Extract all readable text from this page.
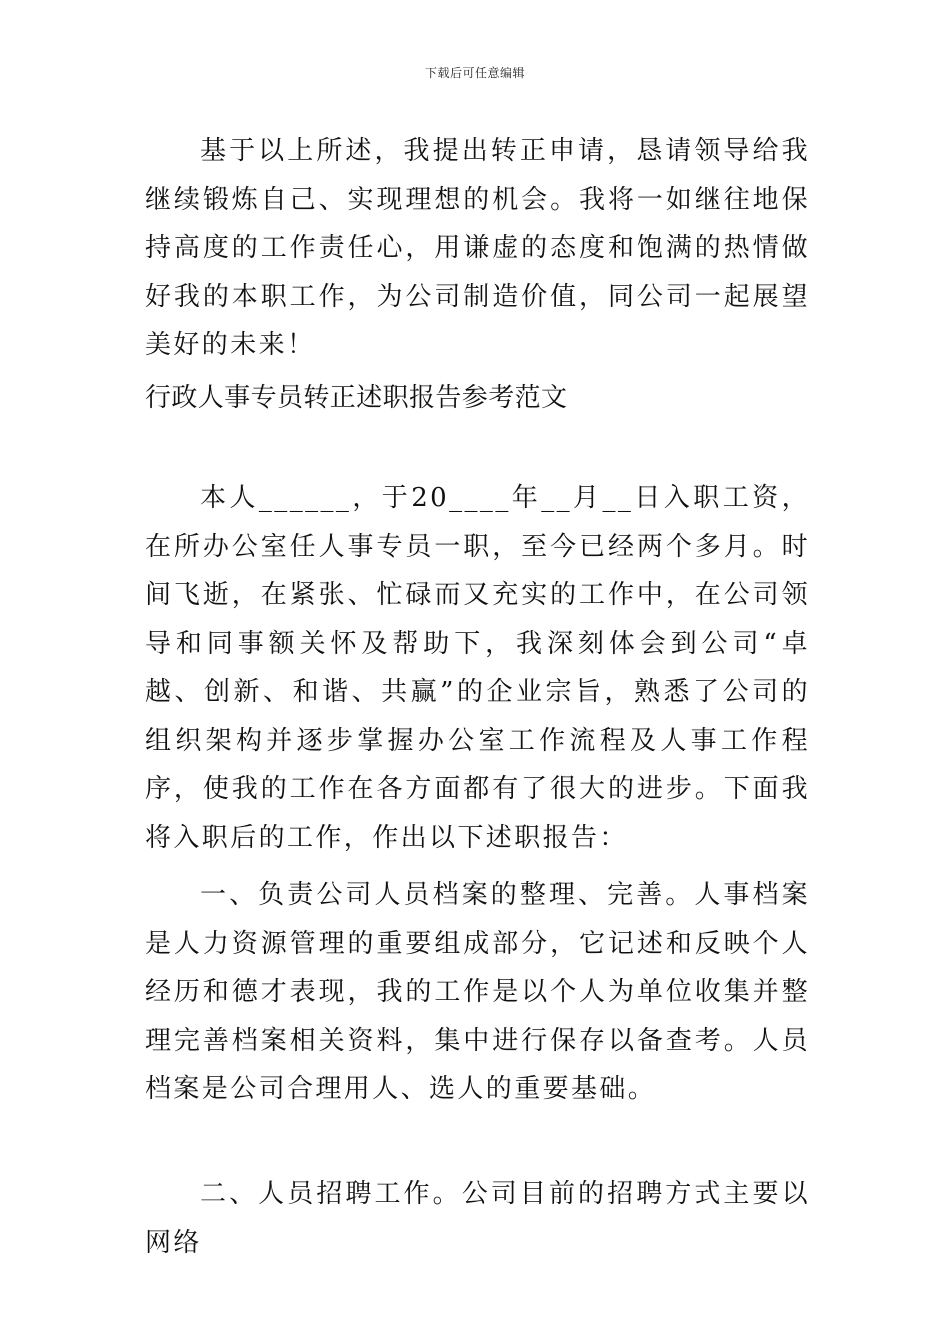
下载后可任意编辑

基于以上所述，我提出转正申请，恳请领导给我继续锻炼自己、实现理想的机会。我将一如继往地保持高度的工作责任心，用谦虚的态度和饱满的热情做好我的本职工作，为公司制造价值，同公司一起展望美好的未来！

行政人事专员转正述职报告参考范文

本人______，于20____年__月__日入职工资，在所办公室任人事专员一职，至今已经两个多月。时间飞逝，在紧张、忙碌而又充实的工作中，在公司领导和同事额关怀及帮助下，我深刻体会到公司“卓越、创新、和谐、共赢”的企业宗旨，熟悉了公司的组织架构并逐步掌握办公室工作流程及人事工作程序，使我的工作在各方面都有了很大的进步。下面我将入职后的工作，作出以下述职报告：

一、负责公司人员档案的整理、完善。人事档案是人力资源管理的重要组成部分，它记述和反映个人经历和德才表现，我的工作是以个人为单位收集并整理完善档案相关资料，集中进行保存以备查考。人员档案是公司合理用人、选人的重要基础。

二、人员招聘工作。公司目前的招聘方式主要以网络
